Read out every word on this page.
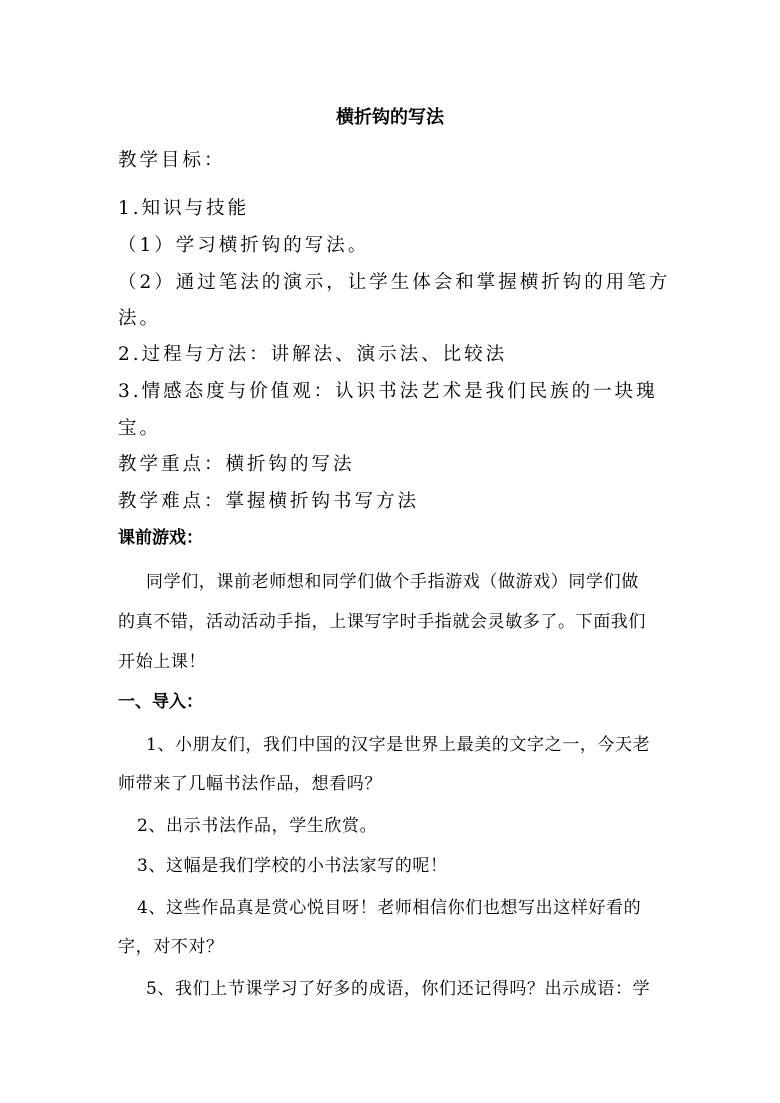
横折钩的写法
教学目标：
1.知识与技能
（1）学习横折钩的写法。
（2）通过笔法的演示，让学生体会和掌握横折钩的用笔方
法。
2.过程与方法：讲解法、演示法、比较法
3.情感态度与价值观：认识书法艺术是我们民族的一块瑰
宝。
教学重点：横折钩的写法
教学难点：掌握横折钩书写方法
课前游戏：
同学们，课前老师想和同学们做个手指游戏（做游戏）同学们做
的真不错，活动活动手指，上课写字时手指就会灵敏多了。下面我们
开始上课！
一、导入：
1、小朋友们，我们中国的汉字是世界上最美的文字之一，今天老
师带来了几幅书法作品，想看吗？
2、出示书法作品，学生欣赏。
3、这幅是我们学校的小书法家写的呢！
4、这些作品真是赏心悦目呀！老师相信你们也想写出这样好看的
字，对不对？
5、我们上节课学习了好多的成语，你们还记得吗？出示成语：学
